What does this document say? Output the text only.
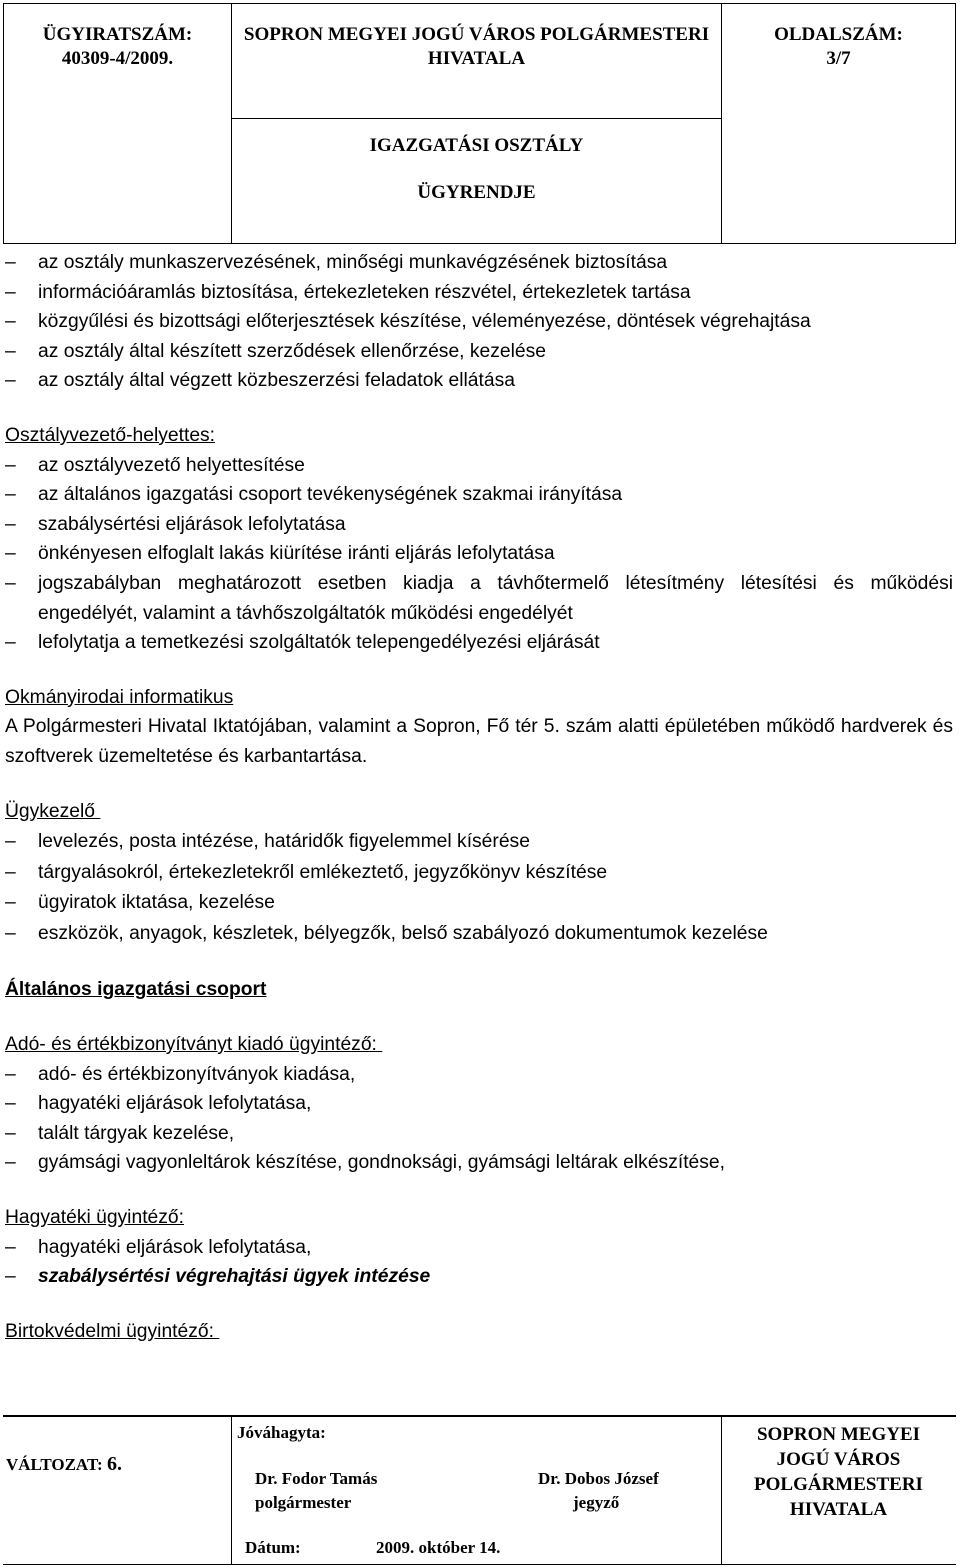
ÜGYIRATSZÁM:
40309-4/2009.
SOPRON MEGYEI JOGÚ VÁROS POLGÁRMESTERI
HIVATALA
OLDALSZÁM:
3/7
IGAZGATÁSI OSZTÁLY
ÜGYRENDJE
– az osztály munkaszervezésének, minőségi munkavégzésének biztosítása
– információáramlás biztosítása, értekezleteken részvétel, értekezletek tartása
– közgyűlési és bizottsági előterjesztések készítése, véleményezése, döntések végrehajtása
– az osztály által készített szerződések ellenőrzése, kezelése
– az osztály által végzett közbeszerzési feladatok ellátása
Osztályvezető-helyettes:
– az osztályvezető helyettesítése
– az általános igazgatási csoport tevékenységének szakmai irányítása
– szabálysértési eljárások lefolytatása
– önkényesen elfoglalt lakás kiürítése iránti eljárás lefolytatása
– jogszabályban meghatározott esetben kiadja a távhőtermelő létesítmény létesítési és működési engedélyét, valamint a távhőszolgáltatók működési engedélyét
– lefolytatja a temetkezési szolgáltatók telepengedélyezési eljárását
Okmányirodai informatikus
A Polgármesteri Hivatal Iktatójában, valamint a Sopron, Fő tér 5. szám alatti épületében működő hardverek és szoftverek üzemeltetése és karbantartása.
Ügykezelő
– levelezés, posta intézése, határidők figyelemmel kísérése
– tárgyalásokról, értekezletekről emlékeztető, jegyzőkönyv készítése
– ügyiratok iktatása, kezelése
– eszközök, anyagok, készletek, bélyegzők, belső szabályozó dokumentumok kezelése
Általános igazgatási csoport
Adó- és értékbizonyítványt kiadó ügyintéző:
– adó- és értékbizonyítványok kiadása,
– hagyatéki eljárások lefolytatása,
– talált tárgyak kezelése,
– gyámsági vagyonleltárok készítése, gondnoksági, gyámsági leltárak elkészítése,
Hagyatéki ügyintéző:
– hagyatéki eljárások lefolytatása,
– szabálysértési végrehajtási ügyek intézése
Birtokvédelmi ügyintéző:
VÁLTOZAT: 6.
Jóváhagyta:
Dr. Fodor Tamás
polgármester
Dr. Dobos József
jegyző
Dátum:	2009. október 14.
SOPRON MEGYEI
JOGÚ VÁROS
POLGÁRMESTERI
HIVATALA
